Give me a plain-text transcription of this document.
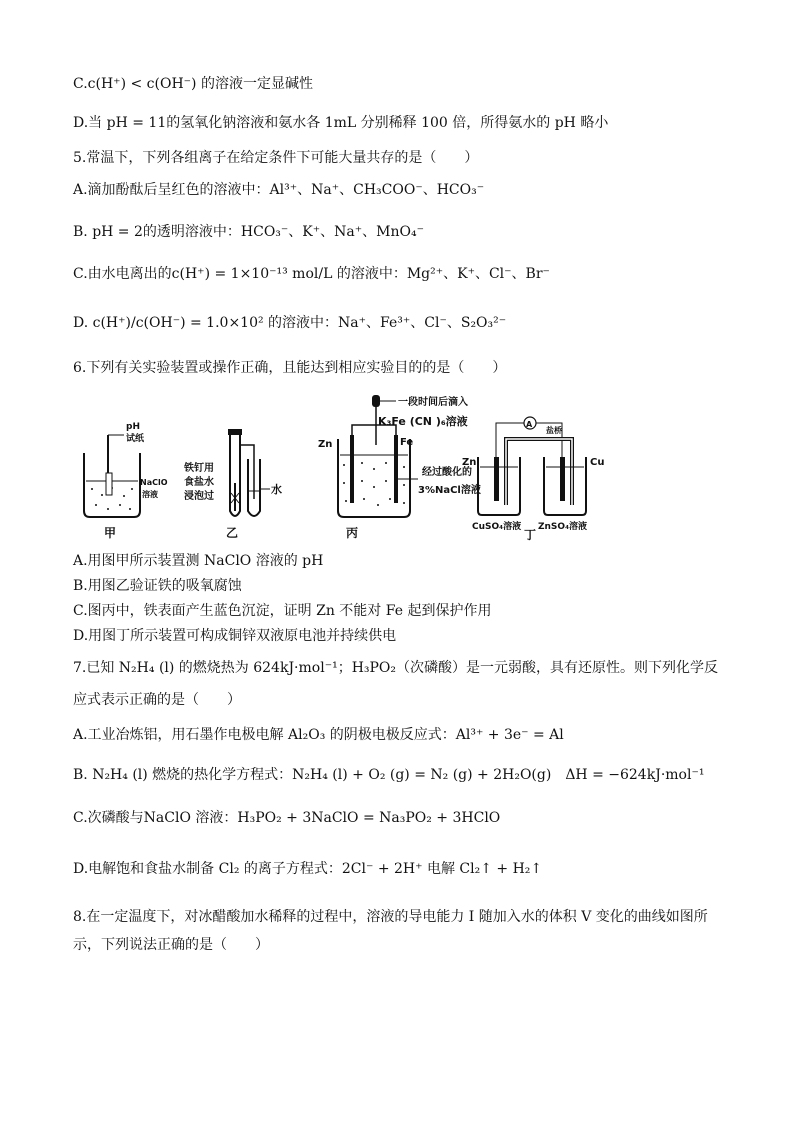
C.c(H⁺) < c(OH⁻) 的溶液一定显碱性
D.当 pH = 11的氢氧化钠溶液和氨水各 1mL 分别稀释 100 倍，所得氨水的 pH 略小
5.常温下，下列各组离子在给定条件下可能大量共存的是（　　）
A.滴加酚酞后呈红色的溶液中：Al³⁺、Na⁺、CH₃COO⁻、HCO₃⁻
B. pH = 2的透明溶液中：HCO₃⁻、K⁺、Na⁺、MnO₄⁻
C.由水电离出的c(H⁺) = 1×10⁻¹³ mol/L 的溶液中：Mg²⁺、K⁺、Cl⁻、Br⁻
D. c(H⁺)/c(OH⁻) = 1.0×10² 的溶液中：Na⁺、Fe³⁺、Cl⁻、S₂O₃²⁻
6.下列有关实验装置或操作正确，且能达到相应实验目的的是（　　）
pH
试纸
NaClO
溶液
甲
铁钉用
食盐水
浸泡过
水
乙
一段时间后滴入
K₃Fe (CN )₆溶液
Zn	Fe
经过酸化的
3%NaCl溶液
丙
A
盐桥
Zn	Cu
CuSO₄溶液 ZnSO₄溶液
丁
A.用图甲所示装置测 NaClO 溶液的 pH
B.用图乙验证铁的吸氧腐蚀
C.图丙中，铁表面产生蓝色沉淀，证明 Zn 不能对 Fe 起到保护作用
D.用图丁所示装置可构成铜锌双液原电池并持续供电
7.已知 N₂H₄ (l) 的燃烧热为 624kJ·mol⁻¹；H₃PO₂（次磷酸）是一元弱酸，具有还原性。则下列化学反
应式表示正确的是（　　）
A.工业冶炼铝，用石墨作电极电解 Al₂O₃ 的阴极电极反应式：Al³⁺ + 3e⁻ = Al
B. N₂H₄ (l) 燃烧的热化学方程式：N₂H₄ (l) + O₂ (g) = N₂ (g) + 2H₂O(g)　ΔH = −624kJ·mol⁻¹
C.次磷酸与NaClO 溶液：H₃PO₂ + 3NaClO = Na₃PO₂ + 3HClO
D.电解饱和食盐水制备 Cl₂ 的离子方程式：2Cl⁻ + 2H⁺ 电解 Cl₂↑ + H₂↑
8.在一定温度下，对冰醋酸加水稀释的过程中，溶液的导电能力 I 随加入水的体积 V 变化的曲线如图所
示，下列说法正确的是（　　）
